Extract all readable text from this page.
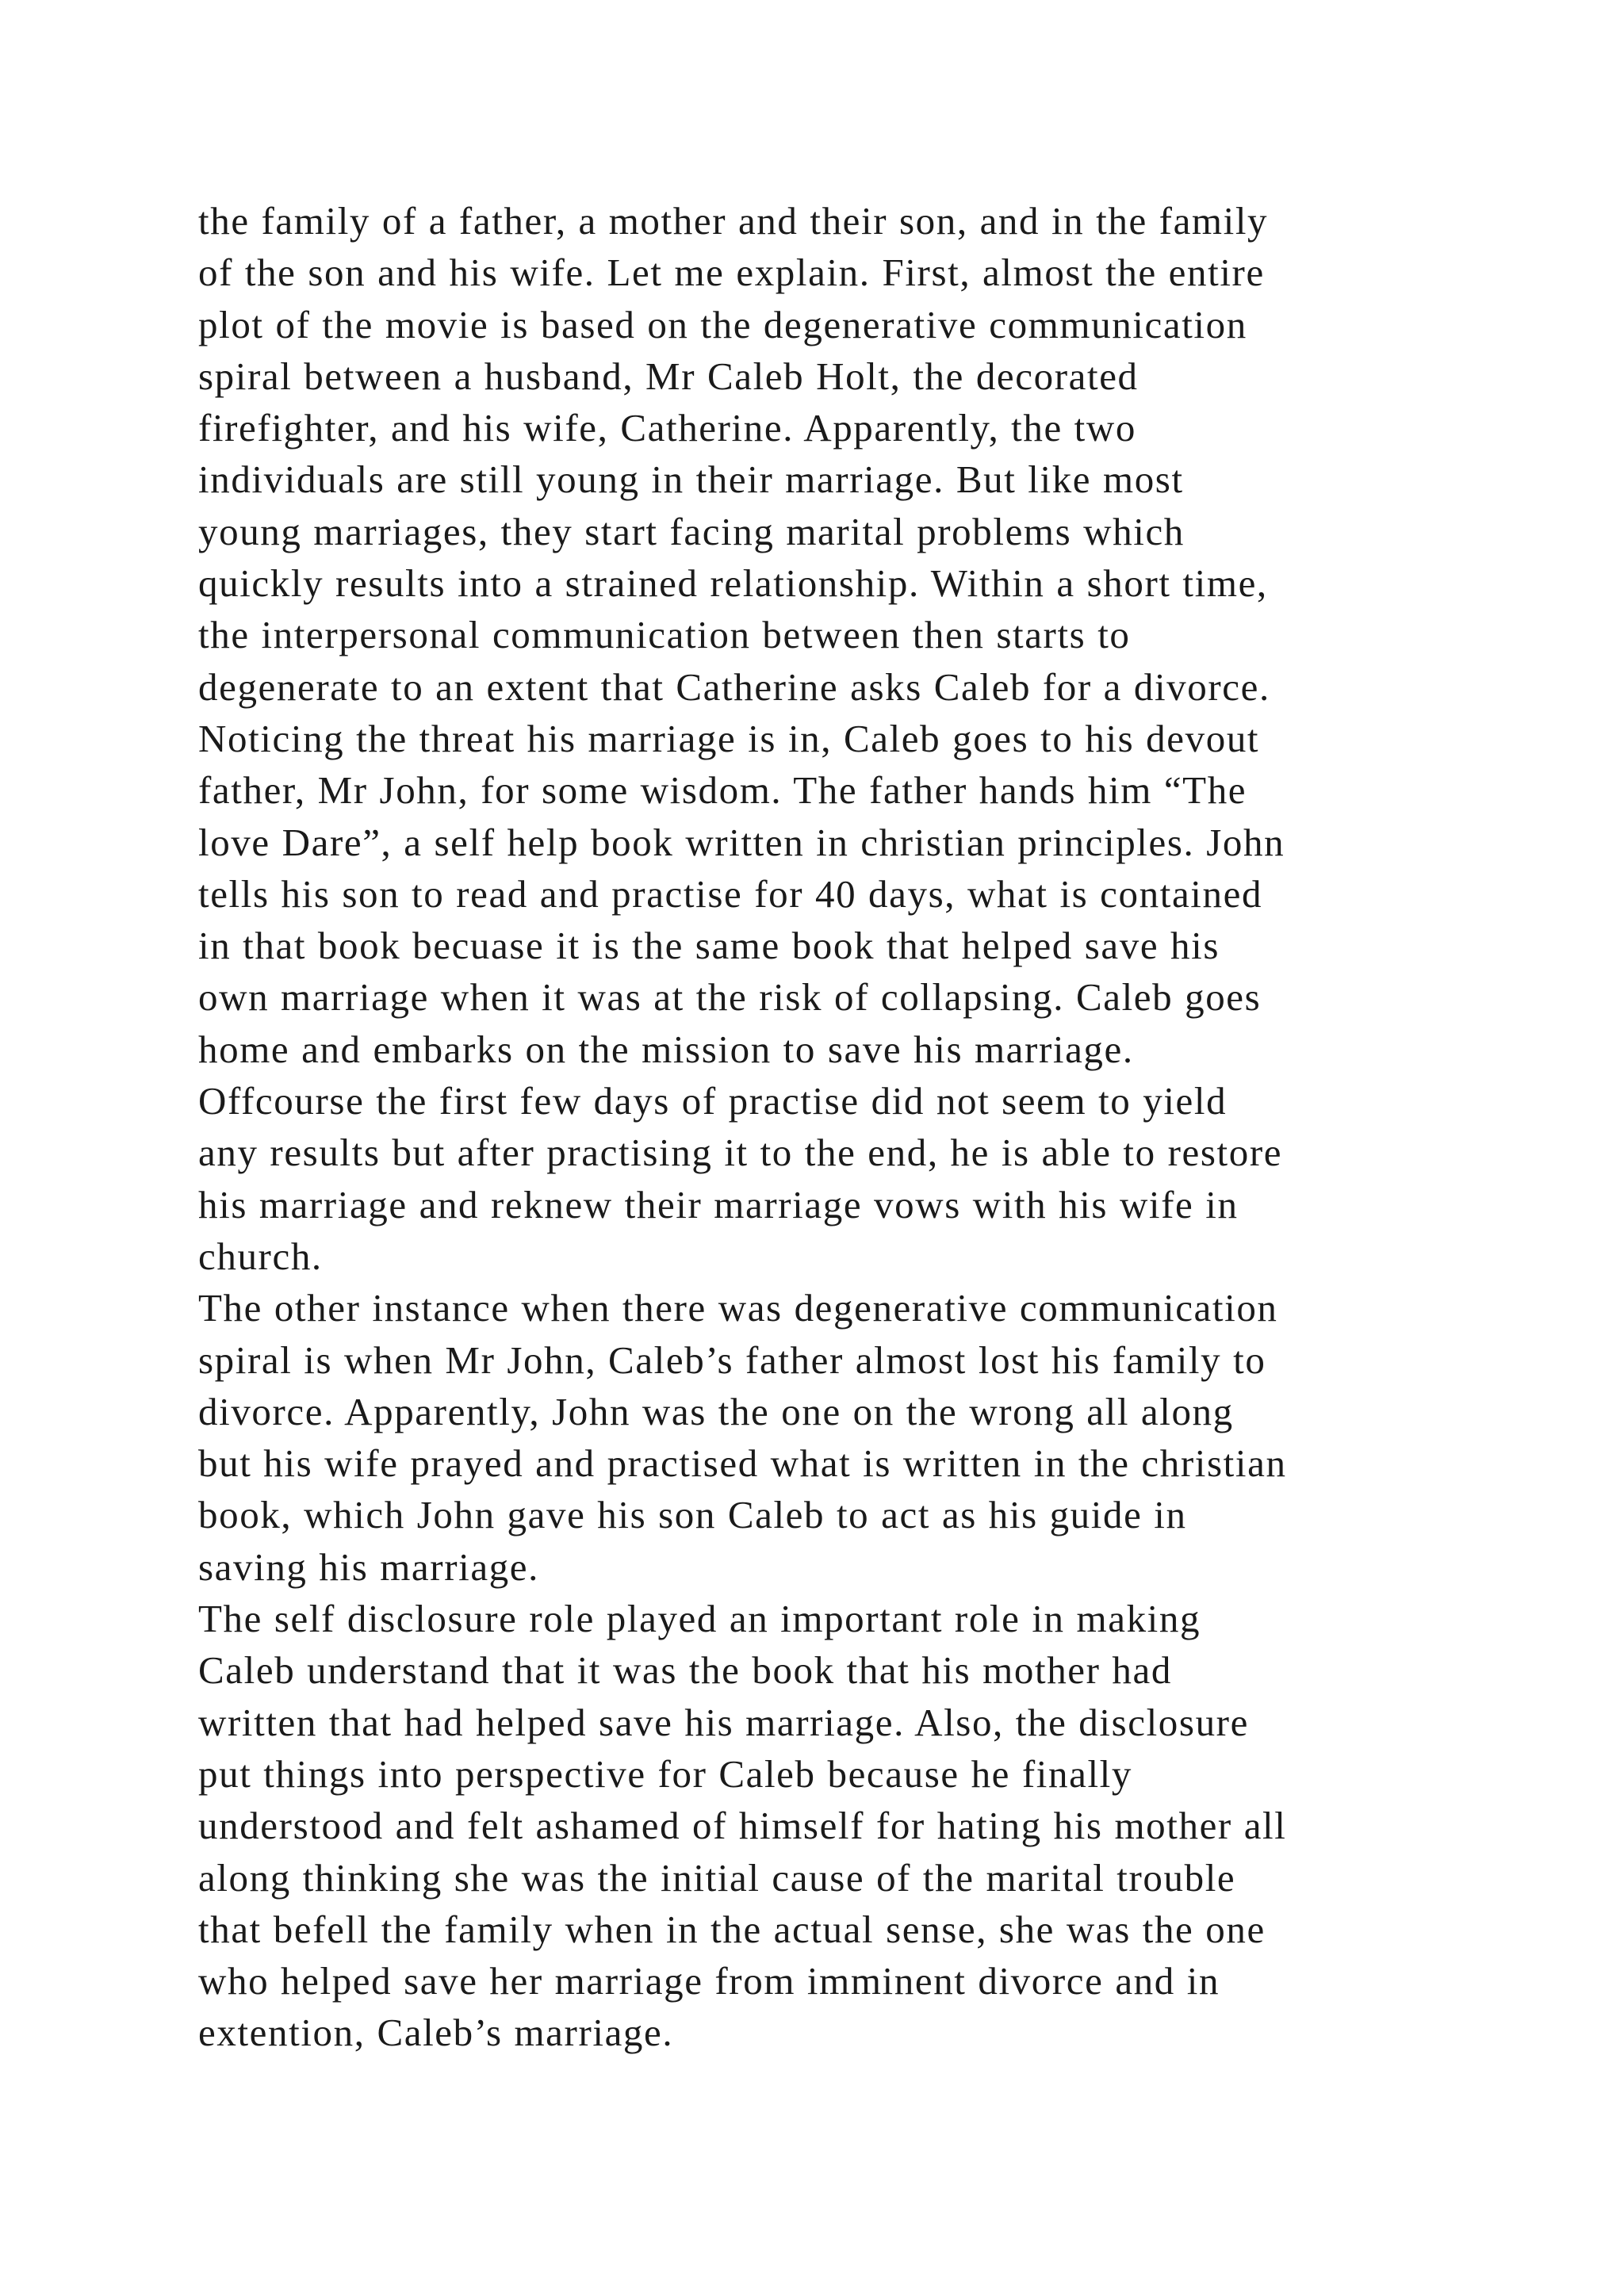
the family of a father, a mother and their son, and in the family
of the son and his wife. Let me explain. First, almost the entire
plot of the movie is based on the degenerative communication
spiral between a husband, Mr Caleb Holt, the decorated
firefighter, and his wife, Catherine. Apparently, the two
individuals are still young in their marriage. But like most
young marriages, they start facing marital problems which
quickly results into a strained relationship. Within a short time,
the interpersonal communication between then starts to
degenerate to an extent that Catherine asks Caleb for a divorce.
Noticing the threat his marriage is in, Caleb goes to his devout
father, Mr John, for some wisdom. The father hands him “The
love Dare”, a self help book written in christian principles. John
tells his son to read and practise for 40 days, what is contained
in that book becuase it is the same book that helped save his
own marriage when it was at the risk of collapsing. Caleb goes
home and embarks on the mission to save his marriage.
Offcourse the first few days of practise did not seem to yield
any results but after practising it to the end, he is able to restore
his marriage and reknew their marriage vows with his wife in
church.
The other instance when there was degenerative communication
spiral is when Mr John, Caleb’s father almost lost his family to
divorce. Apparently, John was the one on the wrong all along
but his wife prayed and practised what is written in the christian
book, which John gave his son Caleb to act as his guide in
saving his marriage.
The self disclosure role played an important role in making
Caleb understand that it was the book that his mother had
written that had helped save his marriage. Also, the disclosure
put things into perspective for Caleb because he finally
understood and felt ashamed of himself for hating his mother all
along thinking she was the initial cause of the marital trouble
that befell the family when in the actual sense, she was the one
who helped save her marriage from imminent divorce and in
extention, Caleb’s marriage.
